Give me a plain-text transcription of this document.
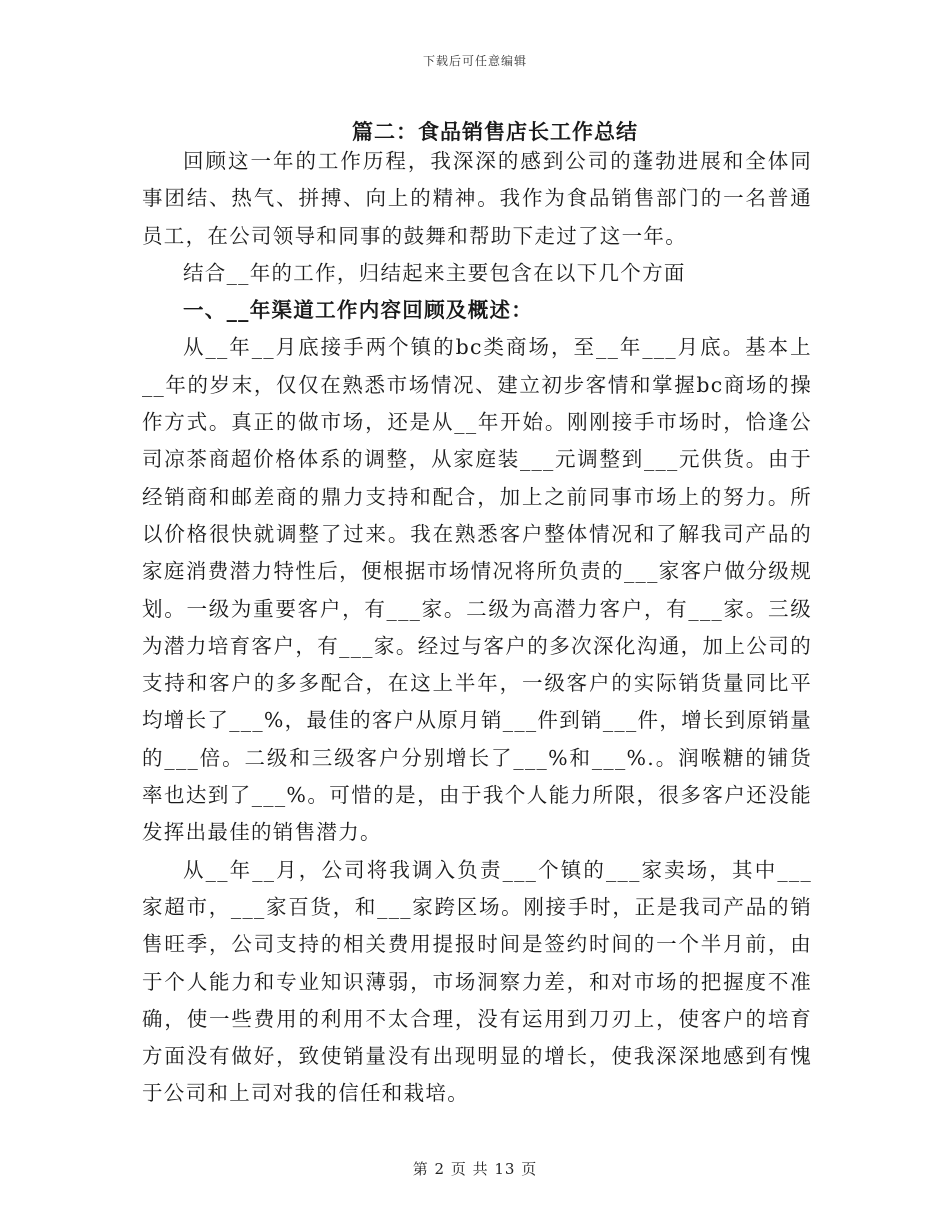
下载后可任意编辑
篇二：食品销售店长工作总结

回顾这一年的工作历程，我深深的感到公司的蓬勃进展和全体同事团结、热气、拼搏、向上的精神。我作为食品销售部门的一名普通员工，在公司领导和同事的鼓舞和帮助下走过了这一年。

结合__年的工作，归结起来主要包含在以下几个方面

一、__年渠道工作内容回顾及概述：

从__年__月底接手两个镇的bc类商场，至__年___月底。基本上__年的岁末，仅仅在熟悉市场情况、建立初步客情和掌握bc商场的操作方式。真正的做市场，还是从__年开始。刚刚接手市场时，恰逢公司凉茶商超价格体系的调整，从家庭装___元调整到___元供货。由于经销商和邮差商的鼎力支持和配合，加上之前同事市场上的努力。所以价格很快就调整了过来。我在熟悉客户整体情况和了解我司产品的家庭消费潜力特性后，便根据市场情况将所负责的___家客户做分级规划。一级为重要客户，有___家。二级为高潜力客户，有___家。三级为潜力培育客户，有___家。经过与客户的多次深化沟通，加上公司的支持和客户的多多配合，在这上半年，一级客户的实际销货量同比平均增长了___%，最佳的客户从原月销___件到销___件，增长到原销量的___倍。二级和三级客户分别增长了___%和___%.。润喉糖的铺货率也达到了___%。可惜的是，由于我个人能力所限，很多客户还没能发挥出最佳的销售潜力。

从__年__月，公司将我调入负责___个镇的___家卖场，其中___家超市，___家百货，和___家跨区场。刚接手时，正是我司产品的销售旺季，公司支持的相关费用提报时间是签约时间的一个半月前，由于个人能力和专业知识薄弱，市场洞察力差，和对市场的把握度不准确，使一些费用的利用不太合理，没有运用到刀刃上，使客户的培育方面没有做好，致使销量没有出现明显的增长，使我深深地感到有愧于公司和上司对我的信任和栽培。

第 2 页 共 13 页
